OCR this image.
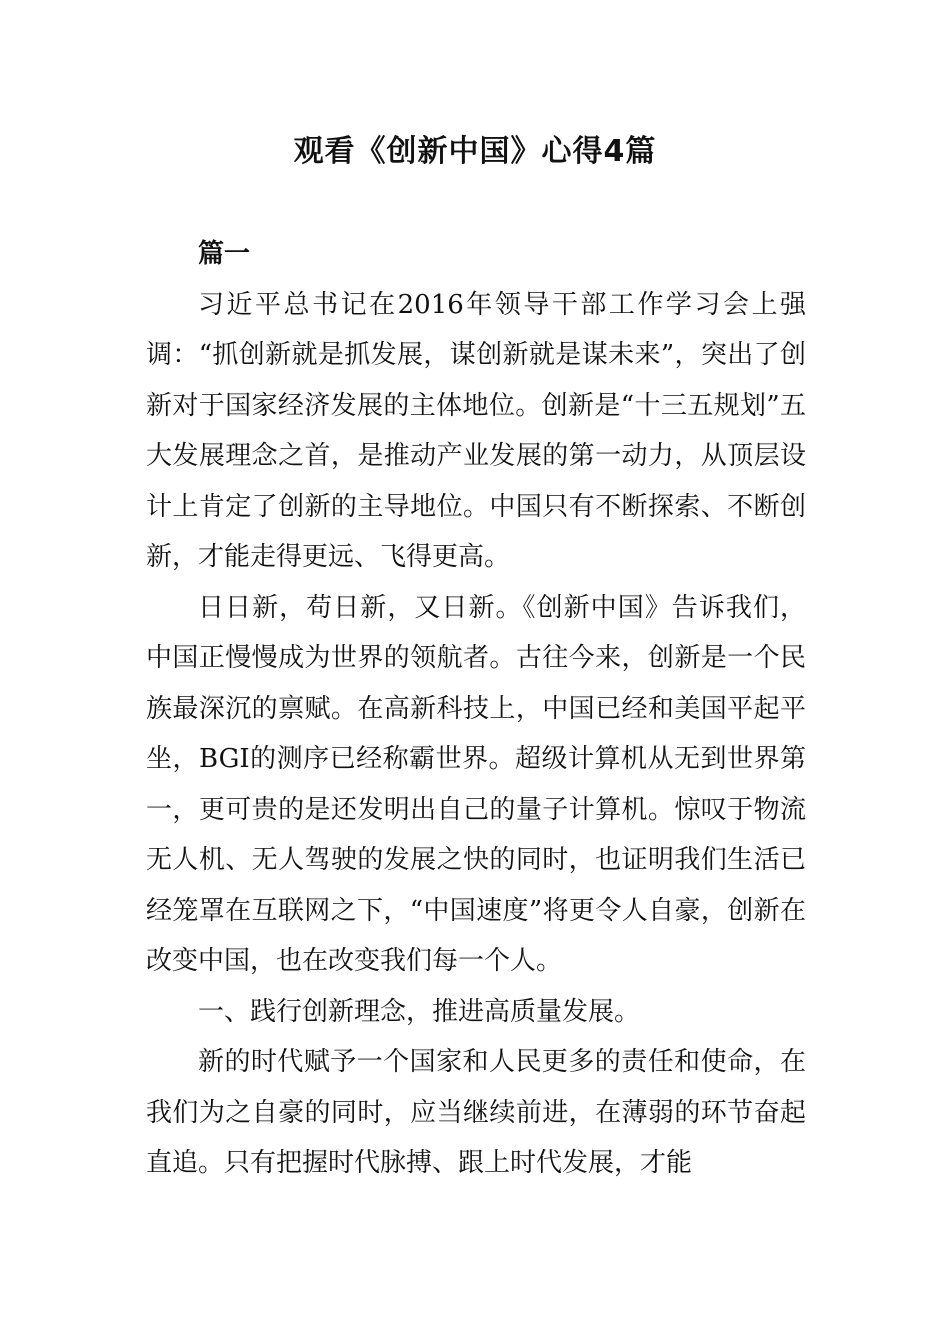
观看《创新中国》心得4篇

篇一

习近平总书记在2016年领导干部工作学习会上强调：“抓创新就是抓发展，谋创新就是谋未来”，突出了创新对于国家经济发展的主体地位。创新是“十三五规划”五大发展理念之首，是推动产业发展的第一动力，从顶层设计上肯定了创新的主导地位。中国只有不断探索、不断创新，才能走得更远、飞得更高。

日日新，苟日新，又日新。《创新中国》告诉我们，中国正慢慢成为世界的领航者。古往今来，创新是一个民族最深沉的禀赋。在高新科技上，中国已经和美国平起平坐，BGI的测序已经称霸世界。超级计算机从无到世界第一，更可贵的是还发明出自己的量子计算机。惊叹于物流无人机、无人驾驶的发展之快的同时，也证明我们生活已经笼罩在互联网之下，“中国速度”将更令人自豪，创新在改变中国，也在改变我们每一个人。

一、践行创新理念，推进高质量发展。

新的时代赋予一个国家和人民更多的责任和使命，在我们为之自豪的同时，应当继续前进，在薄弱的环节奋起直追。只有把握时代脉搏、跟上时代发展，才能
